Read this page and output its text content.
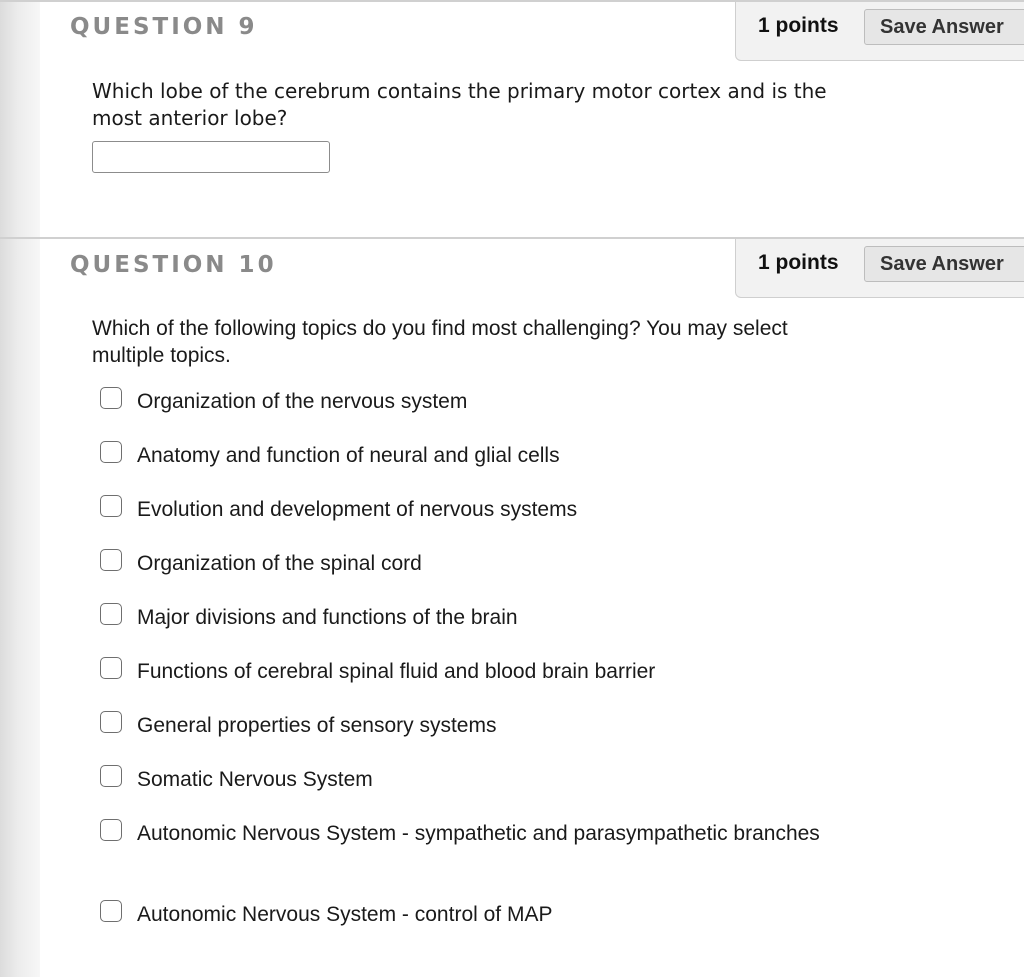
QUESTION 9	1 points	Save Answer
Which lobe of the cerebrum contains the primary motor cortex and is the most anterior lobe?
QUESTION 10	1 points	Save Answer
Which of the following topics do you find most challenging? You may select multiple topics.
Organization of the nervous system
Anatomy and function of neural and glial cells
Evolution and development of nervous systems
Organization of the spinal cord
Major divisions and functions of the brain
Functions of cerebral spinal fluid and blood brain barrier
General properties of sensory systems
Somatic Nervous System
Autonomic Nervous System - sympathetic and parasympathetic branches
Autonomic Nervous System - control of MAP
